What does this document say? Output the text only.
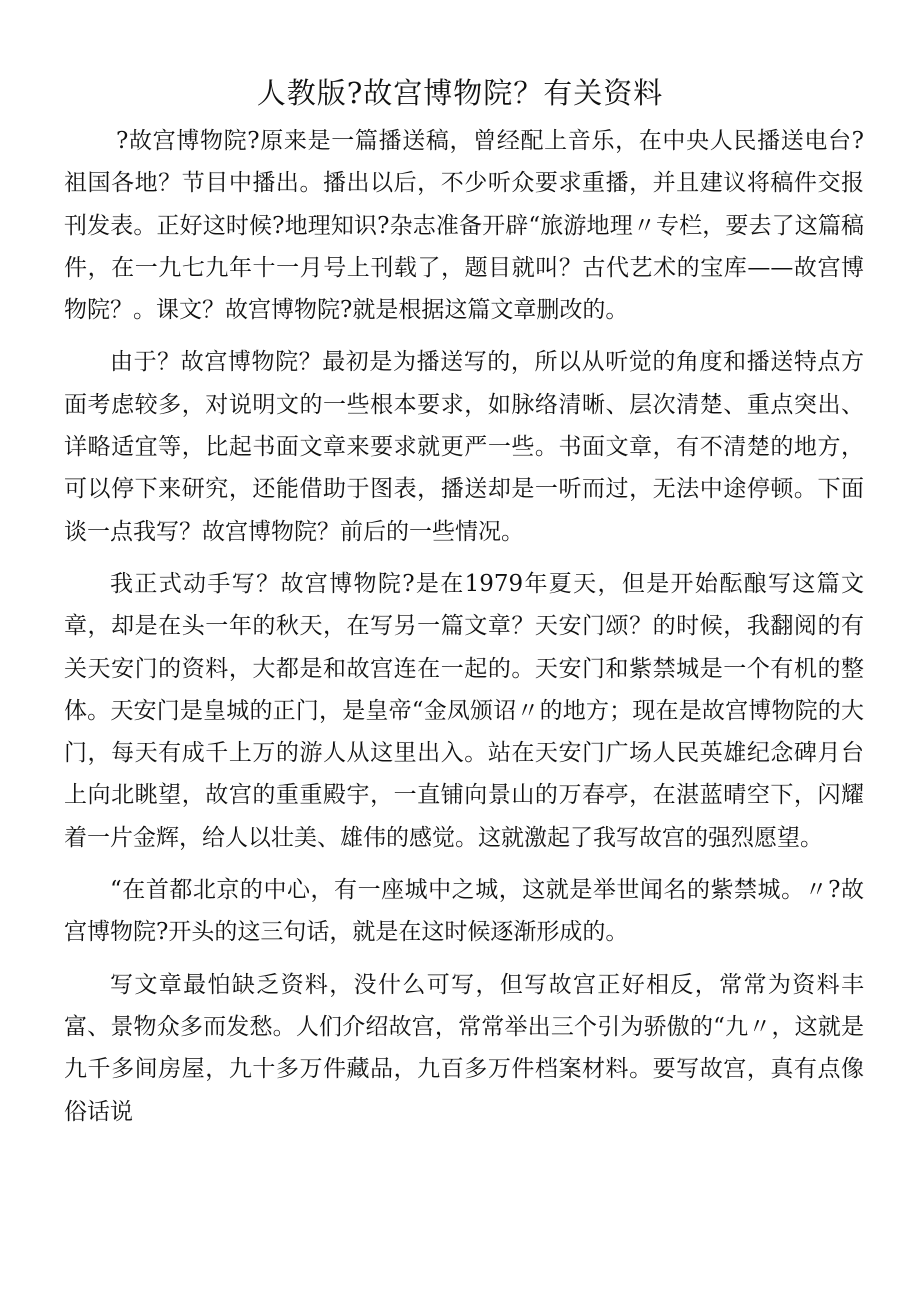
人教版?故宫博物院？有关资料

?故宫博物院?原来是一篇播送稿，曾经配上音乐，在中央人民播送电台?祖国各地？节目中播出。播出以后，不少听众要求重播，并且建议将稿件交报刊发表。正好这时候?地理知识?杂志准备开辟“旅游地理〃专栏，要去了这篇稿件，在一九七九年十一月号上刊载了，题目就叫？古代艺术的宝库——故宫博物院？。课文？故宫博物院?就是根据这篇文章删改的。

由于？故宫博物院？最初是为播送写的，所以从听觉的角度和播送特点方面考虑较多，对说明文的一些根本要求，如脉络清晰、层次清楚、重点突出、详略适宜等，比起书面文章来要求就更严一些。书面文章，有不清楚的地方，可以停下来研究，还能借助于图表，播送却是一听而过，无法中途停顿。下面谈一点我写？故宫博物院？前后的一些情况。

我正式动手写？故宫博物院?是在1979年夏天，但是开始酝酿写这篇文章，却是在头一年的秋天，在写另一篇文章？天安门颂？的时候，我翻阅的有关天安门的资料，大都是和故宫连在一起的。天安门和紫禁城是一个有机的整体。天安门是皇城的正门，是皇帝“金凤颁诏〃的地方；现在是故宫博物院的大门，每天有成千上万的游人从这里出入。站在天安门广场人民英雄纪念碑月台上向北眺望，故宫的重重殿宇，一直铺向景山的万春亭，在湛蓝晴空下，闪耀着一片金辉，给人以壮美、雄伟的感觉。这就激起了我写故宫的强烈愿望。

“在首都北京的中心，有一座城中之城，这就是举世闻名的紫禁城。〃?故宫博物院?开头的这三句话，就是在这时候逐渐形成的。

写文章最怕缺乏资料，没什么可写，但写故宫正好相反，常常为资料丰富、景物众多而发愁。人们介绍故宫，常常举出三个引为骄傲的“九〃，这就是九千多间房屋，九十多万件藏品，九百多万件档案材料。要写故宫，真有点像俗话说
